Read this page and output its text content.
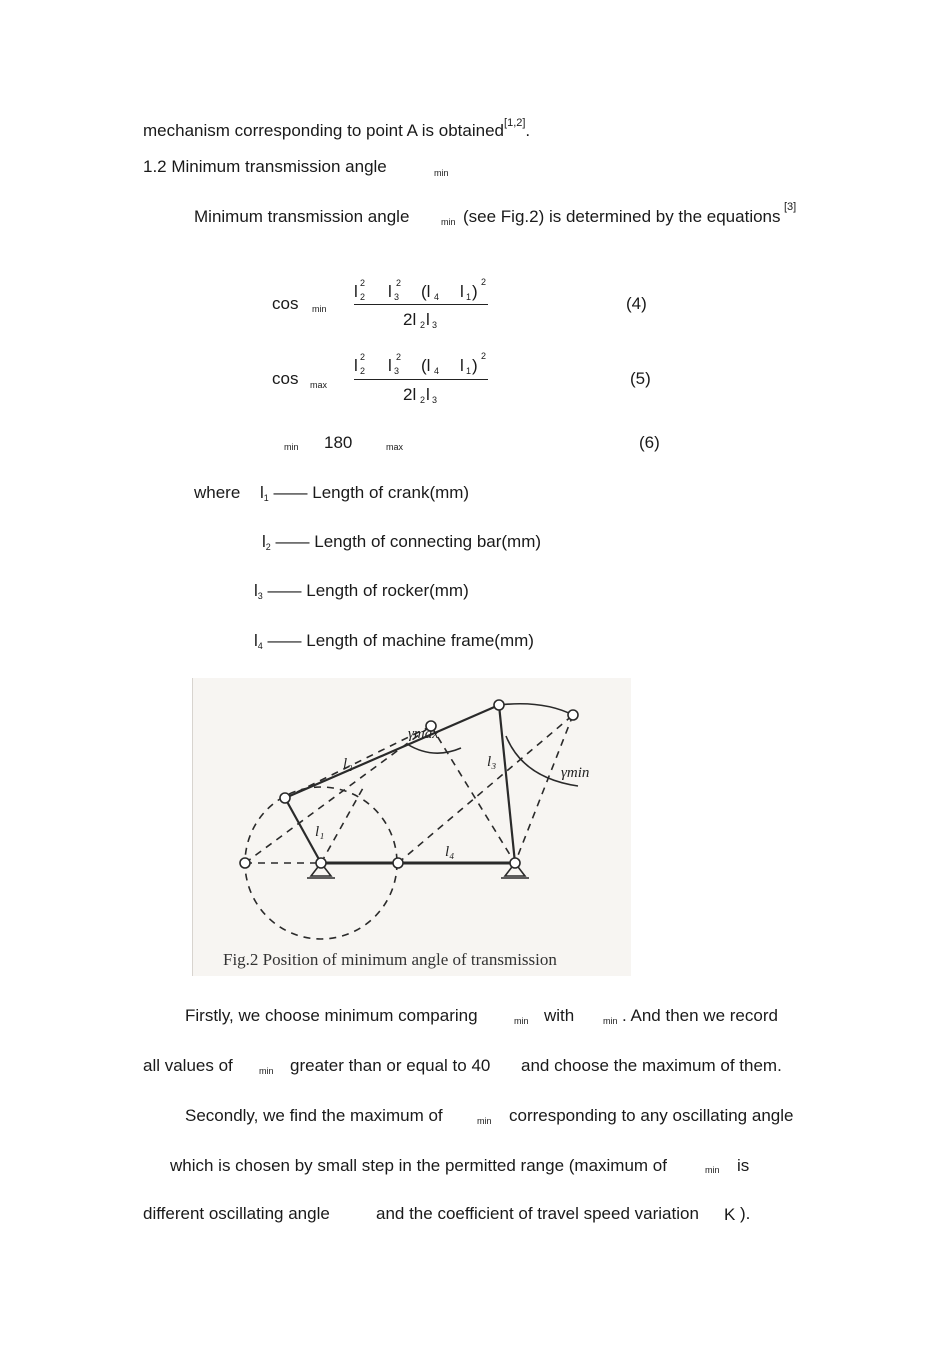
mechanism corresponding to point A is obtained[1,2].
1.2 Minimum transmission angle	min
Minimum transmission angle	min (see Fig.2) is determined by the equations [3]
cos min
l 2
2 l 3
2 (l 4 l 1 ) 2
2l 2 l 3
(4)
cos max
l 2
2 l 3
2 (l 4 l 1 ) 2
2l 2 l 3
(5)
min 180	max	(6)
where l1 —— Length of crank(mm)
l2 —— Length of connecting bar(mm)
l3 —— Length of rocker(mm)
l4 —— Length of machine frame(mm)
l₂
l₁
l₃
l₄
γmax
γmin
Fig.2 Position of minimum angle of transmission
Firstly, we choose minimum comparing	min with	min . And then we record
all values of	min greater than or equal to 40 and choose the maximum of them.
Secondly, we find the maximum of	min corresponding to any oscillating angle
which is chosen by small step in the permitted range (maximum of	min is
different oscillating angle	and the coefficient of travel speed variation K ).
